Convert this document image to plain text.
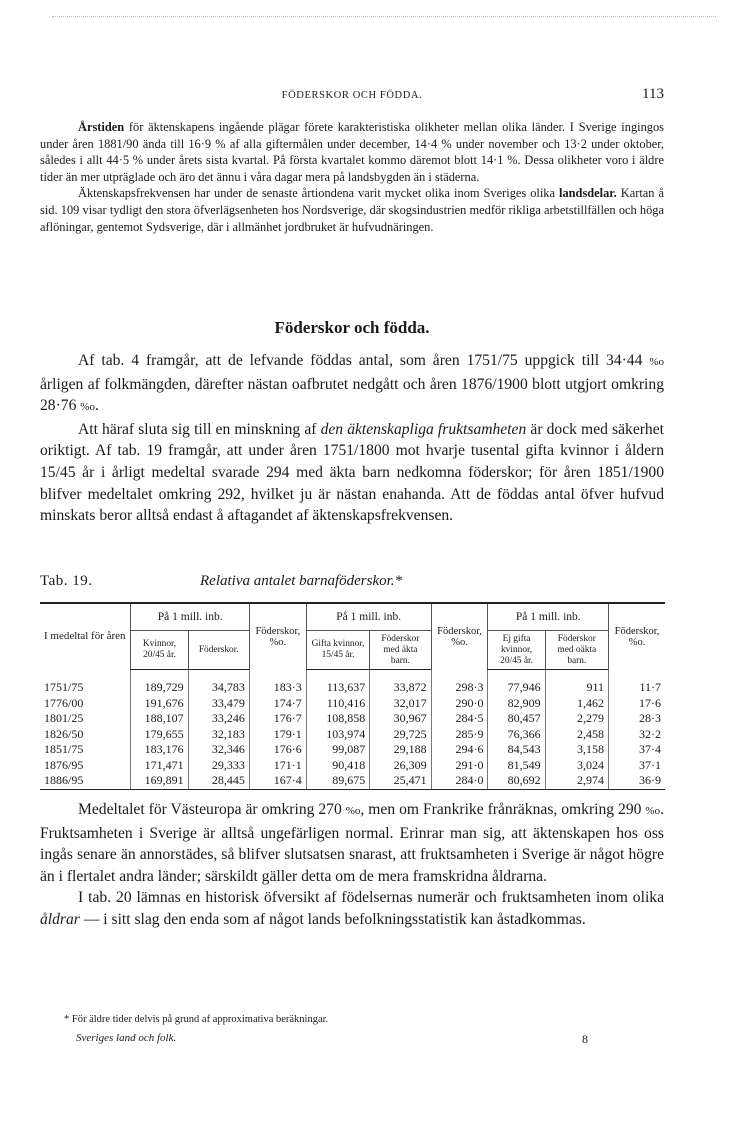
FÖDERSKOR OCH FÖDDA.	113

Årstiden för äktenskapens ingående plägar förete karakteristiska olikheter mellan olika länder. I Sverige ingingos under åren 1881/90 ända till 16·9 % af alla giftermålen under december, 14·4 % under november och 13·2 under oktober, således i allt 44·5 % under årets sista kvartal. På första kvartalet kommo däremot blott 14·1 %. Dessa olikheter voro i äldre tider än mer utpräglade och äro det ännu i våra dagar mera på landsbygden än i städerna.

Äktenskapsfrekvensen har under de senaste årtiondena varit mycket olika inom Sveriges olika landsdelar. Kartan å sid. 109 visar tydligt den stora öfverlägsenheten hos Nordsverige, där skogsindustrien medför rikliga arbetstillfällen och höga aflöningar, gentemot Sydsverige, där i allmänhet jordbruket är hufvudnäringen.

Föderskor och födda.

Af tab. 4 framgår, att de lefvande föddas antal, som åren 1751/75 uppgick till 34·44 %o årligen af folkmängden, därefter nästan oafbrutet nedgått och åren 1876/1900 blott utgjort omkring 28·76 %o.

Att häraf sluta sig till en minskning af den äktenskapliga fruktsamheten är dock med säkerhet oriktigt. Af tab. 19 framgår, att under åren 1751/1800 mot hvarje tusental gifta kvinnor i åldern 15/45 år i årligt medeltal svarade 294 med äkta barn nedkomna föderskor; för åren 1851/1900 blifver medeltalet omkring 292, hvilket ju är nästan enahanda. Att de föddas antal öfver hufvud minskats beror alltså endast å aftagandet af äktenskapsfrekvensen.

Tab. 19.	Relativa antalet barnaföderskor.*
I medeltal för åren	På 1 mill. inb.		Föderskor, %o.	På 1 mill. inb.		Föderskor, %o.	På 1 mill. inb.		Föderskor, %o.
	Kvinnor, 20/45 år.	Föderskor.		Gifta kvinnor, 15/45 år.	Föderskor med äkta barn.		Ej gifta kvinnor, 20/45 år.	Föderskor med oäkta barn.	
1751/75	189,729	34,783	183·3	113,637	33,872	298·3	77,946	911	11·7
1776/00	191,676	33,479	174·7	110,416	32,017	290·0	82,909	1,462	17·6
1801/25	188,107	33,246	176·7	108,858	30,967	284·5	80,457	2,279	28·3
1826/50	179,655	32,183	179·1	103,974	29,725	285·9	76,366	2,458	32·2
1851/75	183,176	32,346	176·6	99,087	29,188	294·6	84,543	3,158	37·4
1876/95	171,471	29,333	171·1	90,418	26,309	291·0	81,549	3,024	37·1
1886/95	169,891	28,445	167·4	89,675	25,471	284·0	80,692	2,974	36·9

Medeltalet för Västeuropa är omkring 270 %o, men om Frankrike frånräknas, omkring 290 %o. Fruktsamheten i Sverige är alltså ungefärligen normal. Erinrar man sig, att äktenskapen hos oss ingås senare än annorstädes, så blifver slutsatsen snarast, att fruktsamheten i Sverige är något högre än i flertalet andra länder; särskildt gäller detta om de mera framskridna åldrarna.

I tab. 20 lämnas en historisk öfversikt af födelsernas numerär och fruktsamheten inom olika åldrar — i sitt slag den enda som af något lands befolkningsstatistik kan åstadkommas.

* För äldre tider delvis på grund af approximativa beräkningar.
Sveriges land och folk.	8
